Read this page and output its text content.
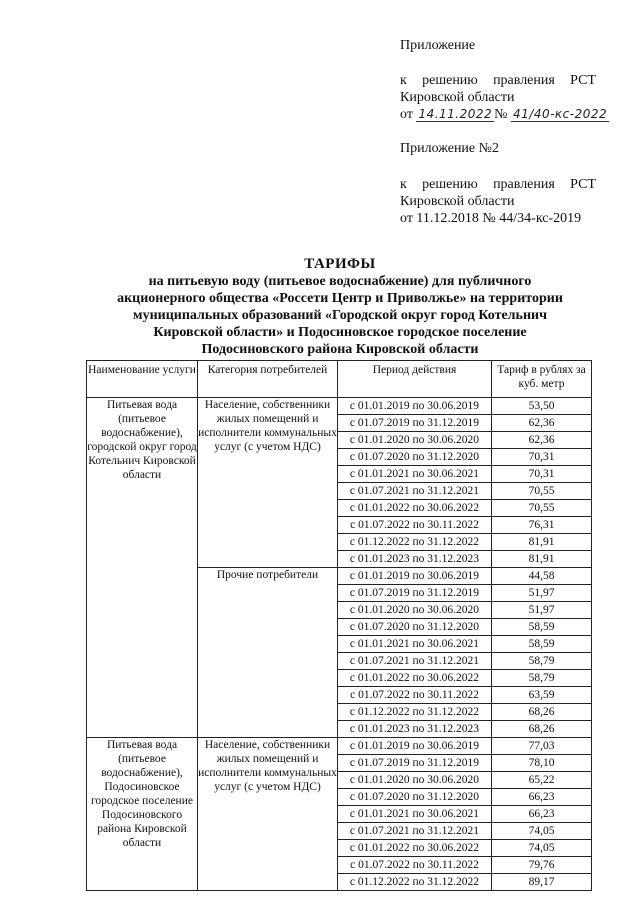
Приложение
к решению правления РСТ
Кировской области
от 14.11.2022 № 41/40-кс-2022
Приложение №2
к решению правления РСТ
Кировской области
от 11.12.2018 № 44/34-кс-2019
ТАРИФЫ
на питьевую воду (питьевое водоснабжение) для публичного
акционерного общества «Россети Центр и Приволжье» на территории
муниципальных образований «Городской округ город Котельнич
Кировской области» и Подосиновское городское поселение
Подосиновского района Кировской области
Наименование услуги	Категория потребителей	Период действия	Тариф в рублях за куб. метр
Питьевая вода (питьевое водоснабжение), городской округ город Котельнич Кировской области	Население, собственники жилых помещений и исполнители коммунальных услуг (с учетом НДС)	с 01.01.2019 по 30.06.2019	53,50
		с 01.07.2019 по 31.12.2019	62,36
		с 01.01.2020 по 30.06.2020	62,36
		с 01.07.2020 по 31.12.2020	70,31
		с 01.01.2021 по 30.06.2021	70,31
		с 01.07.2021 по 31.12.2021	70,55
		с 01.01.2022 по 30.06.2022	70,55
		с 01.07.2022 по 30.11.2022	76,31
		с 01.12.2022 по 31.12.2022	81,91
		с 01.01.2023 по 31.12.2023	81,91
	Прочие потребители	с 01.01.2019 по 30.06.2019	44,58
		с 01.07.2019 по 31.12.2019	51,97
		с 01.01.2020 по 30.06.2020	51,97
		с 01.07.2020 по 31.12.2020	58,59
		с 01.01.2021 по 30.06.2021	58,59
		с 01.07.2021 по 31.12.2021	58,79
		с 01.01.2022 по 30.06.2022	58,79
		с 01.07.2022 по 30.11.2022	63,59
		с 01.12.2022 по 31.12.2022	68,26
		с 01.01.2023 по 31.12.2023	68,26
Питьевая вода (питьевое водоснабжение), Подосиновское городское поселение Подосиновского района Кировской области	Население, собственники жилых помещений и исполнители коммунальных услуг (с учетом НДС)	с 01.01.2019 по 30.06.2019	77,03
		с 01.07.2019 по 31.12.2019	78,10
		с 01.01.2020 по 30.06.2020	65,22
		с 01.07.2020 по 31.12.2020	66,23
		с 01.01.2021 по 30.06.2021	66,23
		с 01.07.2021 по 31.12.2021	74,05
		с 01.01.2022 по 30.06.2022	74,05
		с 01.07.2022 по 30.11.2022	79,76
		с 01.12.2022 по 31.12.2022	89,17
